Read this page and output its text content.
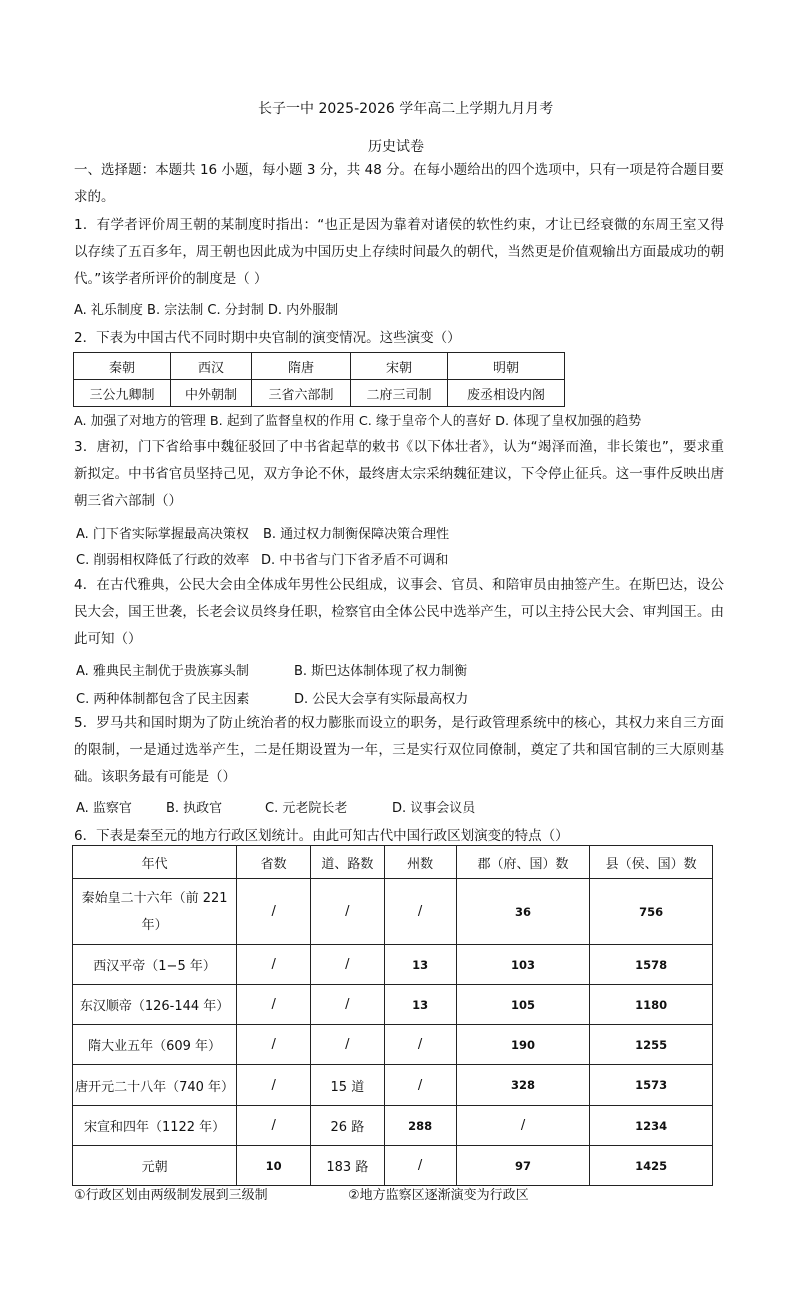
长子一中 2025-2026 学年高二上学期九月月考
历史试卷
一、选择题：本题共 16 小题，每小题 3 分，共 48 分。在每小题给出的四个选项中，只有一项是符合题目要求的。
1．有学者评价周王朝的某制度时指出：“也正是因为靠着对诸侯的软性约束，才让已经衰微的东周王室又得以存续了五百多年，周王朝也因此成为中国历史上存续时间最久的朝代，当然更是价值观输出方面最成功的朝代。”该学者所评价的制度是（ ）
A. 礼乐制度 B. 宗法制 C. 分封制 D. 内外服制
2．下表为中国古代不同时期中央官制的演变情况。这些演变（）
秦朝	西汉	隋唐	宋朝	明朝
三公九卿制	中外朝制	三省六部制	二府三司制	废丞相设内阁
A. 加强了对地方的管理 B. 起到了监督皇权的作用 C. 缘于皇帝个人的喜好 D. 体现了皇权加强的趋势
3．唐初，门下省给事中魏征驳回了中书省起草的敕书《以下体壮者》，认为“竭泽而渔，非长策也”，要求重新拟定。中书省官员坚持己见，双方争论不休，最终唐太宗采纳魏征建议，下令停止征兵。这一事件反映出唐朝三省六部制（）
A. 门下省实际掌握最高决策权 B. 通过权力制衡保障决策合理性
C. 削弱相权降低了行政的效率 D. 中书省与门下省矛盾不可调和
4．在古代雅典，公民大会由全体成年男性公民组成，议事会、官员、和陪审员由抽签产生。在斯巴达，设公民大会，国王世袭，长老会议员终身任职，检察官由全体公民中选举产生，可以主持公民大会、审判国王。由此可知（）
A. 雅典民主制优于贵族寡头制	B. 斯巴达体制体现了权力制衡
C. 两种体制都包含了民主因素	D. 公民大会享有实际最高权力
5．罗马共和国时期为了防止统治者的权力膨胀而设立的职务，是行政管理系统中的核心，其权力来自三方面的限制，一是通过选举产生，二是任期设置为一年，三是实行双位同僚制，奠定了共和国官制的三大原则基础。该职务最有可能是（）
A. 监察官	B. 执政官	C. 元老院长老	D. 议事会议员
6．下表是秦至元的地方行政区划统计。由此可知古代中国行政区划演变的特点（）
年代	省数	道、路数	州数	郡（府、国）数	县（侯、国）数
秦始皇二十六年（前 221 年）	/	/	/	36	756
西汉平帝（1−5 年）	/	/	13	103	1578
东汉顺帝（126-144 年）	/	/	13	105	1180
隋大业五年（609 年）	/	/	/	190	1255
唐开元二十八年（740 年）	/	15 道	/	328	1573
宋宣和四年（1122 年）	/	26 路	288	/	1234
元朝	10	183 路	/	97	1425
①行政区划由两级制发展到三级制	②地方监察区逐渐演变为行政区
